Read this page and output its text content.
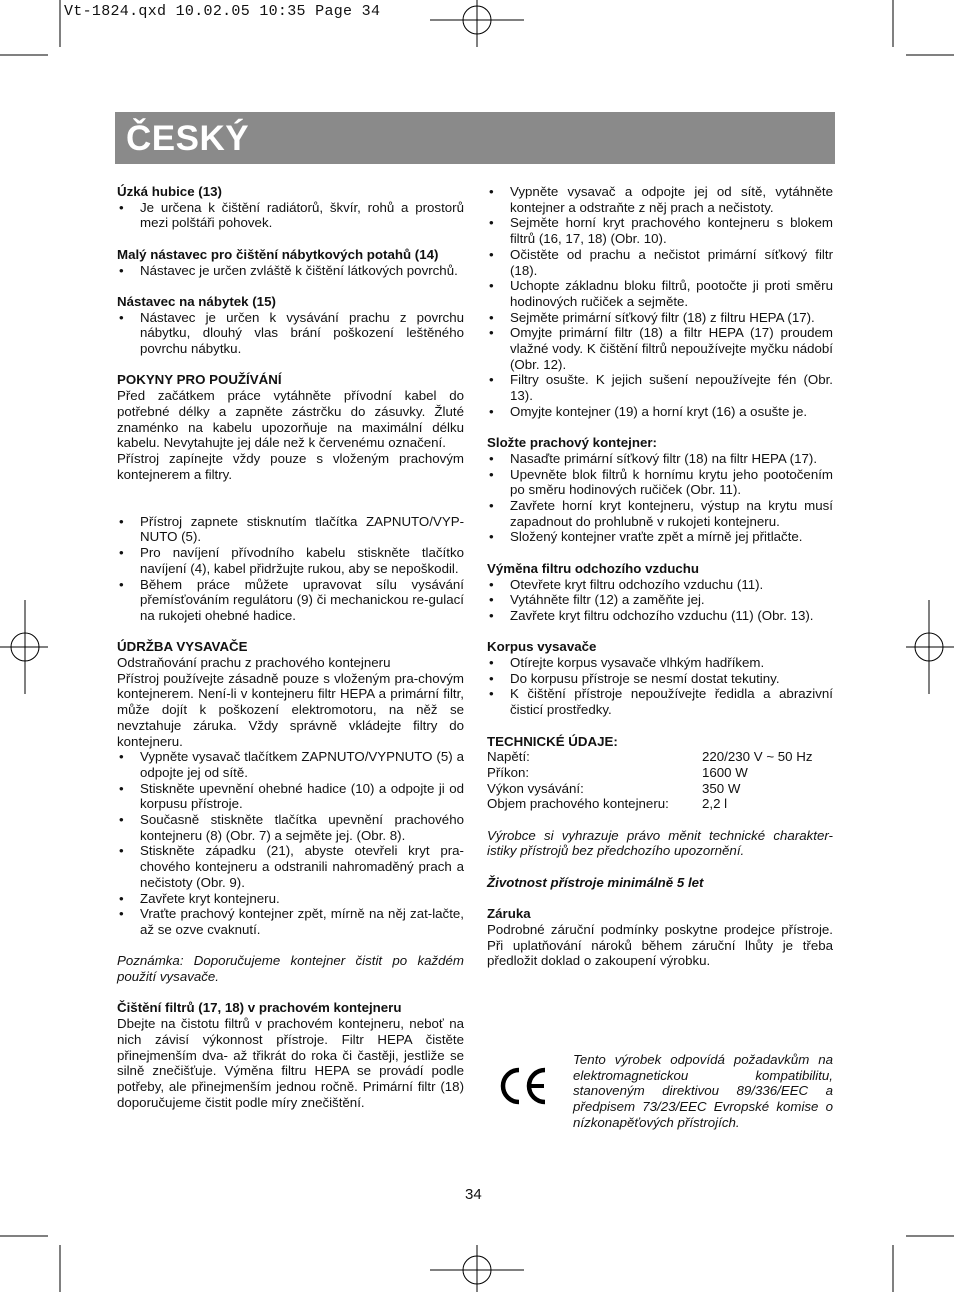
Vt-1824.qxd 10.02.05 10:35 Page 34
ČESKÝ
Úzká hubice (13)
• Je určena k čištění radiátorů, škvír, rohů a prostorů mezi polštáři pohovek.
Malý nástavec pro čištění nábytkových potahů (14)
• Nástavec je určen zvláště k čištění látkových povrchů.
Nástavec na nábytek (15)
• Nástavec je určen k vysávání prachu z povrchu nábytku, dlouhý vlas brání poškození leštěného povrchu nábytku.
POKYNY PRO POUŽÍVÁNÍ

Před začátkem práce vytáhněte přívodní kabel do potřebné délky a zapněte zástrčku do zásuvky. Žluté znaménko na kabelu upozorňuje na maximální délku kabelu. Nevytahujte jej dále než k červenému označení.

Přístroj zapínejte vždy pouze s vloženým prachovým kontejnerem a filtry.

• Přístroj zapnete stisknutím tlačítka ZAPNUTO/VYP-NUTO (5).
• Pro navíjení přívodního kabelu stiskněte tlačítko navíjení (4), kabel přidržujte rukou, aby se nepoškodil.
• Během práce můžete upravovat sílu vysávání přemísťováním regulátoru (9) či mechanickou re-gulací na rukojeti ohebné hadice.
ÚDRŽBA VYSAVAČE

Odstraňování prachu z prachového kontejneru

Přístroj používejte zásadně pouze s vloženým pra-chovým kontejnerem. Není-li v kontejneru filtr HEPA a primární filtr, může dojít k poškození elektromotoru, na něž se nevztahuje záruka. Vždy správně vkládejte filtry do kontejneru.

• Vypněte vysavač tlačítkem ZAPNUTO/VYPNUTO (5) a odpojte jej od sítě.
• Stiskněte upevnění ohebné hadice (10) a odpojte ji od korpusu přístroje.
• Současně stiskněte tlačítka upevnění prachového kontejneru (8) (Obr. 7) a sejměte jej. (Obr. 8).
• Stiskněte západku (21), abyste otevřeli kryt pra-chového kontejneru a odstranili nahromaděný prach a nečistoty (Obr. 9).
• Zavřete kryt kontejneru.
• Vraťte prachový kontejner zpět, mírně na něj zat-lačte, až se ozve cvaknutí.

Poznámka: Doporučujeme kontejner čistit po každém použití vysavače.

Čištění filtrů (17, 18) v prachovém kontejneru

Dbejte na čistotu filtrů v prachovém kontejneru, neboť na nich závisí výkonnost přístroje. Filtr HEPA čistěte přinejmenším dva- až třikrát do roka či častěji, jestliže se silně znečišťuje. Výměna filtru HEPA se provádí podle potřeby, ale přinejmenším jednou ročně. Primární filtr (18) doporučujeme čistit podle míry znečištění.

• Vypněte vysavač a odpojte jej od sítě, vytáhněte kontejner a odstraňte z něj prach a nečistoty.
• Sejměte horní kryt prachového kontejneru s blokem filtrů (16, 17, 18) (Obr. 10).
• Očistěte od prachu a nečistot primární síťkový filtr (18).
• Uchopte základnu bloku filtrů, pootočte ji proti směru hodinových ručiček a sejměte.
• Sejměte primární síťkový filtr (18) z filtru HEPA (17).
• Omyjte primární filtr (18) a filtr HEPA (17) proudem vlažné vody. K čištění filtrů nepoužívejte myčku nádobí (Obr. 12).
• Filtry osušte. K jejich sušení nepoužívejte fén (Obr. 13).
• Omyjte kontejner (19) a horní kryt (16) a osušte je.
Složte prachový kontejner:
• Nasaďte primární síťkový filtr (18) na filtr HEPA (17).
• Upevněte blok filtrů k hornímu krytu jeho pootočením po směru hodinových ručiček (Obr. 11).
• Zavřete horní kryt kontejneru, výstup na krytu musí zapadnout do prohlubně v rukojeti kontejneru.
• Složený kontejner vraťte zpět a mírně jej přitlačte.
Výměna filtru odchozího vzduchu
• Otevřete kryt filtru odchozího vzduchu (11).
• Vytáhněte filtr (12) a zaměňte jej.
• Zavřete kryt filtru odchozího vzduchu (11) (Obr. 13).
Korpus vysavače
• Otírejte korpus vysavače vlhkým hadříkem.
• Do korpusu přístroje se nesmí dostat tekutiny.
• K čištění přístroje nepoužívejte ředidla a abrazivní čisticí prostředky.
TECHNICKÉ ÚDAJE:
Napětí:	220/230 V ~ 50 Hz
Příkon:	1600 W
Výkon vysávání:	350 W
Objem prachového kontejneru:	2,2 l

Výrobce si vyhrazuje právo měnit technické charakter-istiky přístrojů bez předchozího upozornění.

Životnost přístroje minimálně 5 let

Záruka

Podrobné záruční podmínky poskytne prodejce přístroje. Při uplatňování nároků během záruční lhůty je třeba předložit doklad o zakoupení výrobku.

Tento výrobek odpovídá požadavkům na elektromagnetickou kompatibilitu, stanoveným direktivou 89/336/EEC a předpisem 73/23/EEC Evropské komise o nízkonapěťových přístrojích.
34
